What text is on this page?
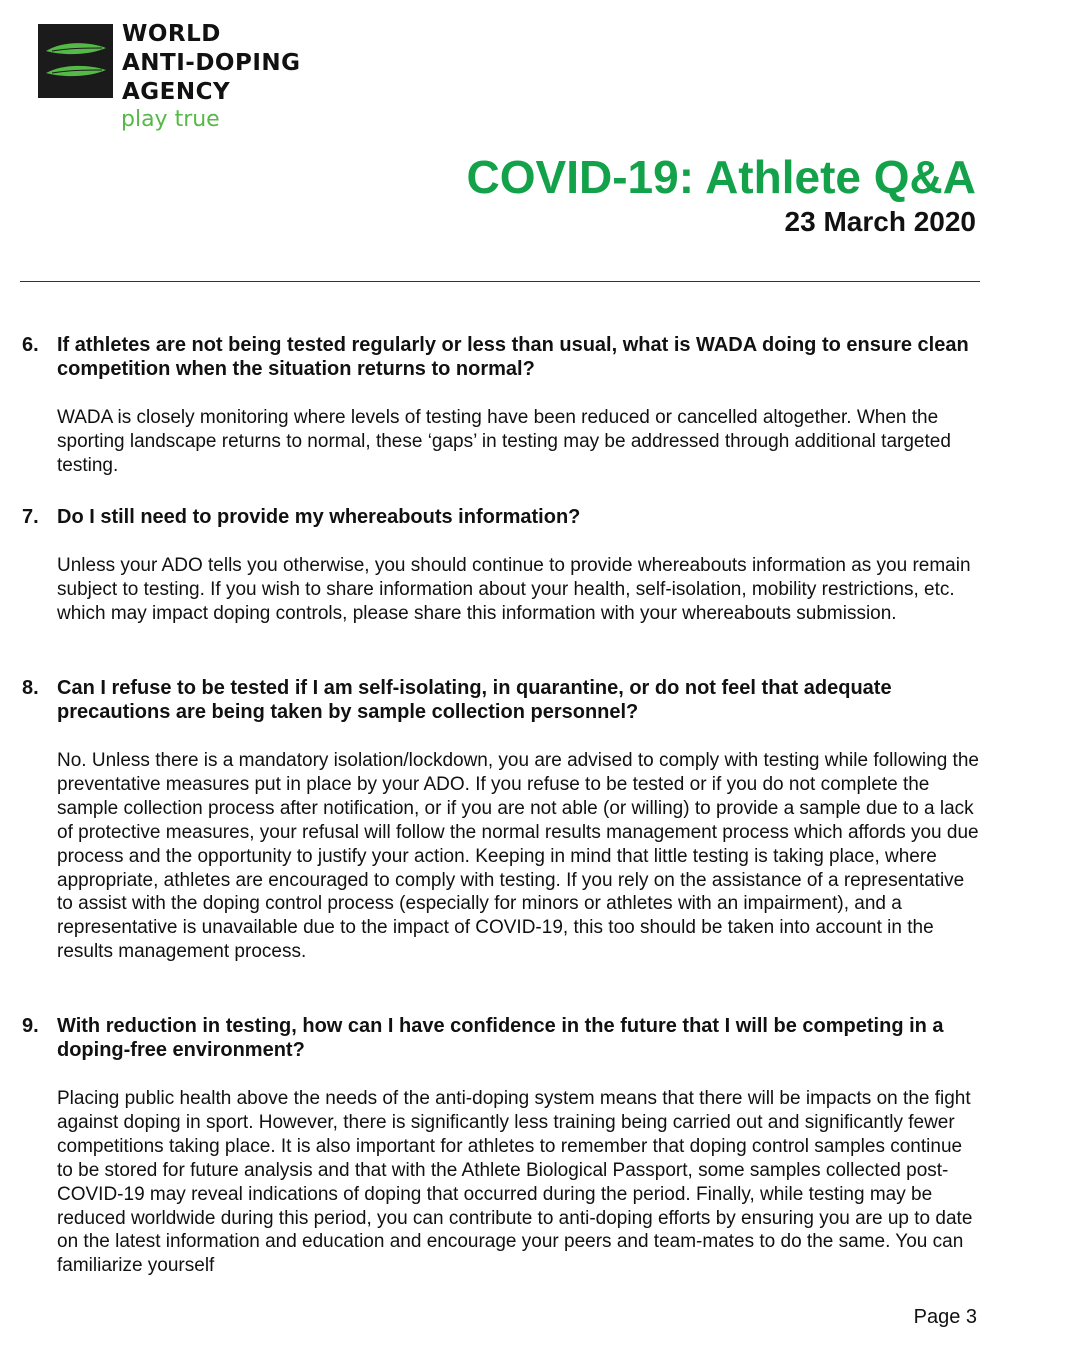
WORLD
ANTI-DOPING
AGENCY
play true
COVID-19: Athlete Q&A
23 March 2020
6. If athletes are not being tested regularly or less than usual, what is WADA doing to ensure clean competition when the situation returns to normal?
WADA is closely monitoring where levels of testing have been reduced or cancelled altogether. When the sporting landscape returns to normal, these ‘gaps’ in testing may be addressed through additional targeted testing.
7. Do I still need to provide my whereabouts information?
Unless your ADO tells you otherwise, you should continue to provide whereabouts information as you remain subject to testing. If you wish to share information about your health, self-isolation, mobility restrictions, etc. which may impact doping controls, please share this information with your whereabouts submission.
8. Can I refuse to be tested if I am self-isolating, in quarantine, or do not feel that adequate precautions are being taken by sample collection personnel?
No. Unless there is a mandatory isolation/lockdown, you are advised to comply with testing while following the preventative measures put in place by your ADO. If you refuse to be tested or if you do not complete the sample collection process after notification, or if you are not able (or willing) to provide a sample due to a lack of protective measures, your refusal will follow the normal results management process which affords you due process and the opportunity to justify your action. Keeping in mind that little testing is taking place, where appropriate, athletes are encouraged to comply with testing. If you rely on the assistance of a representative to assist with the doping control process (especially for minors or athletes with an impairment), and a representative is unavailable due to the impact of COVID-19, this too should be taken into account in the results management process.
9. With reduction in testing, how can I have confidence in the future that I will be competing in a doping-free environment?
Placing public health above the needs of the anti-doping system means that there will be impacts on the fight against doping in sport. However, there is significantly less training being carried out and significantly fewer competitions taking place. It is also important for athletes to remember that doping control samples continue to be stored for future analysis and that with the Athlete Biological Passport, some samples collected post-COVID-19 may reveal indications of doping that occurred during the period. Finally, while testing may be reduced worldwide during this period, you can contribute to anti-doping efforts by ensuring you are up to date on the latest information and education and encourage your peers and team-mates to do the same. You can familiarize yourself
Page 3
